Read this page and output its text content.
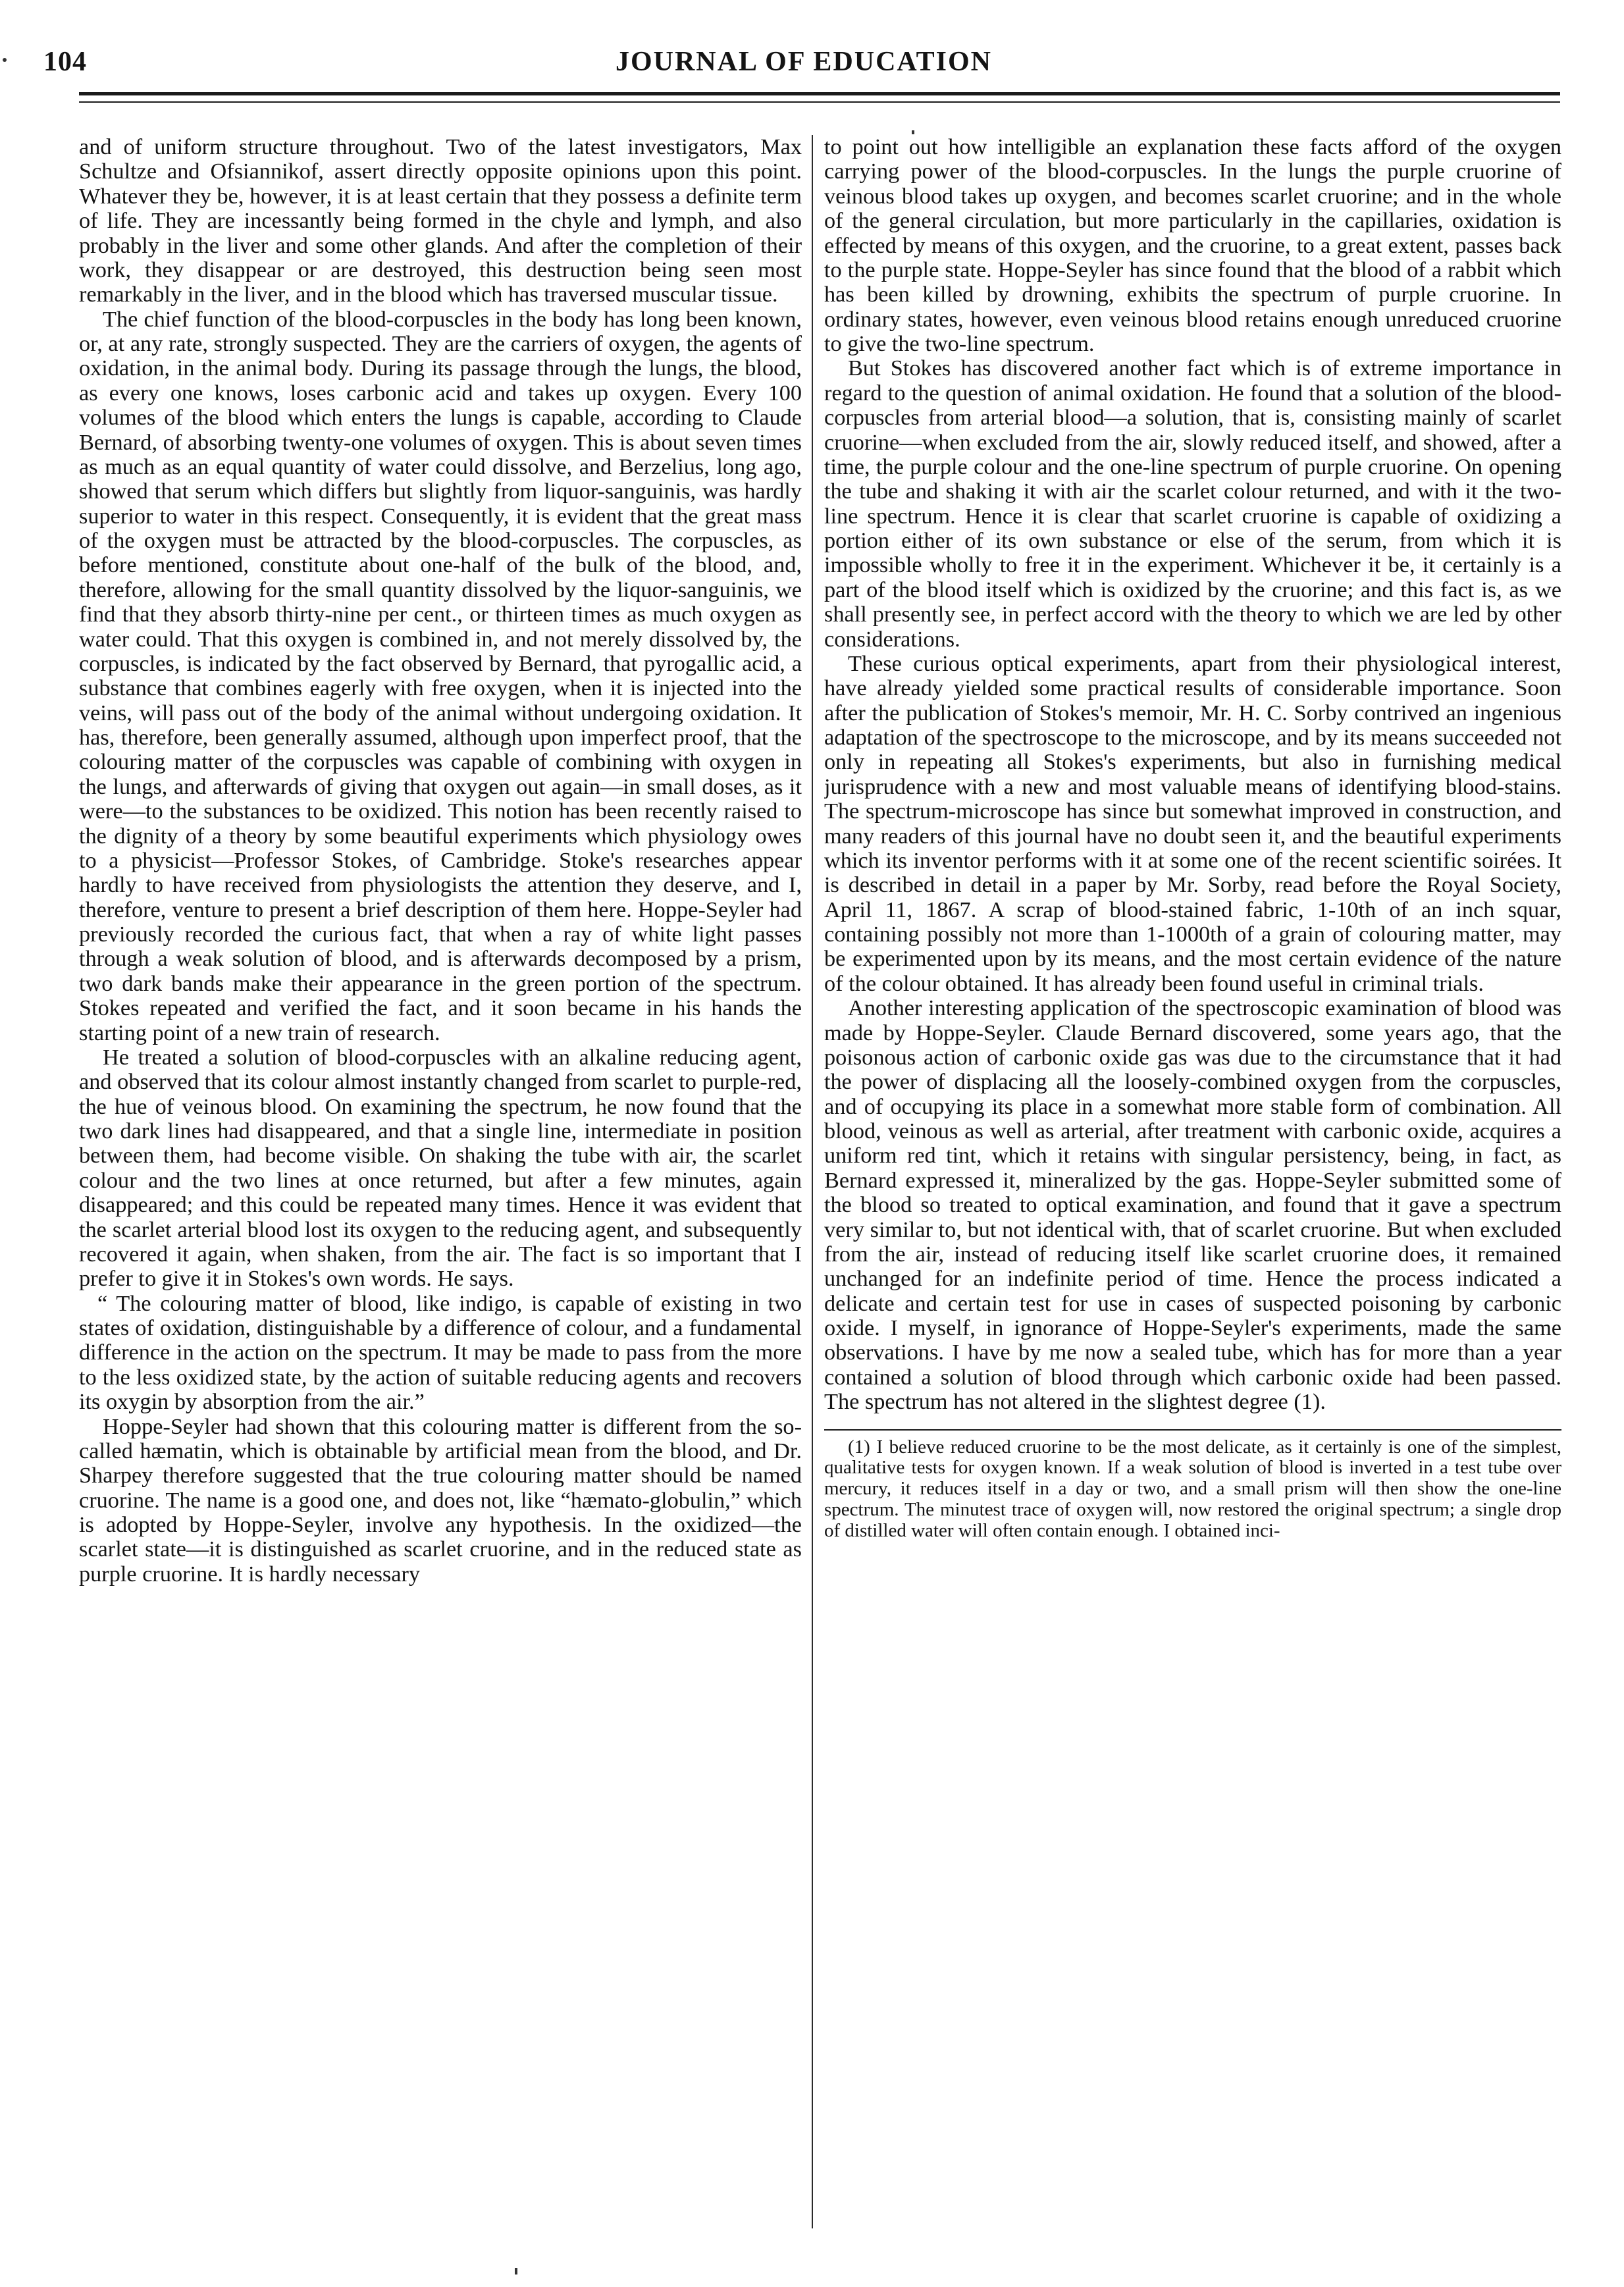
104	JOURNAL OF EDUCATION

and of uniform structure throughout. Two of the latest investigators, Max Schultze and Ofsiannikof, assert directly opposite opinions upon this point. Whatever they be, however, it is at least certain that they possess a definite term of life. They are incessantly being formed in the chyle and lymph, and also probably in the liver and some other glands. And after the completion of their work, they disappear or are destroyed, this destruction being seen most remarkably in the liver, and in the blood which has traversed muscular tissue.

The chief function of the blood-corpuscles in the body has long been known, or, at any rate, strongly suspected. They are the carriers of oxygen, the agents of oxidation, in the animal body. During its passage through the lungs, the blood, as every one knows, loses carbonic acid and takes up oxygen. Every 100 volumes of the blood which enters the lungs is capable, according to Claude Bernard, of absorbing twenty-one volumes of oxygen. This is about seven times as much as an equal quantity of water could dissolve, and Berzelius, long ago, showed that serum which differs but slightly from liquor-sanguinis, was hardly superior to water in this respect. Consequently, it is evident that the great mass of the oxygen must be attracted by the blood-corpuscles. The corpuscles, as before mentioned, constitute about one-half of the bulk of the blood, and, therefore, allowing for the small quantity dissolved by the liquor-sanguinis, we find that they absorb thirty-nine per cent., or thirteen times as much oxygen as water could. That this oxygen is combined in, and not merely dissolved by, the corpuscles, is indicated by the fact observed by Bernard, that pyrogallic acid, a substance that combines eagerly with free oxygen, when it is injected into the veins, will pass out of the body of the animal without undergoing oxidation. It has, therefore, been generally assumed, although upon imperfect proof, that the colouring matter of the corpuscles was capable of combining with oxygen in the lungs, and afterwards of giving that oxygen out again—in small doses, as it were—to the substances to be oxidized. This notion has been recently raised to the dignity of a theory by some beautiful experiments which physiology owes to a physicist—Professor Stokes, of Cambridge. Stoke's researches appear hardly to have received from physiologists the attention they deserve, and I, therefore, venture to present a brief description of them here. Hoppe-Seyler had previously recorded the curious fact, that when a ray of white light passes through a weak solution of blood, and is afterwards decomposed by a prism, two dark bands make their appearance in the green portion of the spectrum. Stokes repeated and verified the fact, and it soon became in his hands the starting point of a new train of research.

He treated a solution of blood-corpuscles with an alkaline reducing agent, and observed that its colour almost instantly changed from scarlet to purple-red, the hue of veinous blood. On examining the spectrum, he now found that the two dark lines had disappeared, and that a single line, intermediate in position between them, had become visible. On shaking the tube with air, the scarlet colour and the two lines at once returned, but after a few minutes, again disappeared; and this could be repeated many times. Hence it was evident that the scarlet arterial blood lost its oxygen to the reducing agent, and subsequently recovered it again, when shaken, from the air. The fact is so important that I prefer to give it in Stokes's own words. He says.

“ The colouring matter of blood, like indigo, is capable of existing in two states of oxidation, distinguishable by a difference of colour, and a fundamental difference in the action on the spectrum. It may be made to pass from the more to the less oxidized state, by the action of suitable reducing agents and recovers its oxygin by absorption from the air.”

Hoppe-Seyler had shown that this colouring matter is different from the so-called hæmatin, which is obtainable by artificial mean from the blood, and Dr. Sharpey therefore suggested that the true colouring matter should be named cruorine. The name is a good one, and does not, like “hæmato-globulin,” which is adopted by Hoppe-Seyler, involve any hypothesis. In the oxidized—the scarlet state—it is distinguished as scarlet cruorine, and in the reduced state as purple cruorine. It is hardly necessary

to point out how intelligible an explanation these facts afford of the oxygen carrying power of the blood-corpuscles. In the lungs the purple cruorine of veinous blood takes up oxygen, and becomes scarlet cruorine; and in the whole of the general circulation, but more particularly in the capillaries, oxidation is effected by means of this oxygen, and the cruorine, to a great extent, passes back to the purple state. Hoppe-Seyler has since found that the blood of a rabbit which has been killed by drowning, exhibits the spectrum of purple cruorine. In ordinary states, however, even veinous blood retains enough unreduced cruorine to give the two-line spectrum.

But Stokes has discovered another fact which is of extreme importance in regard to the question of animal oxidation. He found that a solution of the blood-corpuscles from arterial blood—a solution, that is, consisting mainly of scarlet cruorine—when excluded from the air, slowly reduced itself, and showed, after a time, the purple colour and the one-line spectrum of purple cruorine. On opening the tube and shaking it with air the scarlet colour returned, and with it the two-line spectrum. Hence it is clear that scarlet cruorine is capable of oxidizing a portion either of its own substance or else of the serum, from which it is impossible wholly to free it in the experiment. Whichever it be, it certainly is a part of the blood itself which is oxidized by the cruorine; and this fact is, as we shall presently see, in perfect accord with the theory to which we are led by other considerations.

These curious optical experiments, apart from their physiological interest, have already yielded some practical results of considerable importance. Soon after the publication of Stokes's memoir, Mr. H. C. Sorby contrived an ingenious adaptation of the spectroscope to the microscope, and by its means succeeded not only in repeating all Stokes's experiments, but also in furnishing medical jurisprudence with a new and most valuable means of identifying blood-stains. The spectrum-microscope has since but somewhat improved in construction, and many readers of this journal have no doubt seen it, and the beautiful experiments which its inventor performs with it at some one of the recent scientific soirées. It is described in detail in a paper by Mr. Sorby, read before the Royal Society, April 11, 1867. A scrap of blood-stained fabric, 1-10th of an inch squar, containing possibly not more than 1-1000th of a grain of colouring matter, may be experimented upon by its means, and the most certain evidence of the nature of the colour obtained. It has already been found useful in criminal trials.

Another interesting application of the spectroscopic examination of blood was made by Hoppe-Seyler. Claude Bernard discovered, some years ago, that the poisonous action of carbonic oxide gas was due to the circumstance that it had the power of displacing all the loosely-combined oxygen from the corpuscles, and of occupying its place in a somewhat more stable form of combination. All blood, veinous as well as arterial, after treatment with carbonic oxide, acquires a uniform red tint, which it retains with singular persistency, being, in fact, as Bernard expressed it, mineralized by the gas. Hoppe-Seyler submitted some of the blood so treated to optical examination, and found that it gave a spectrum very similar to, but not identical with, that of scarlet cruorine. But when excluded from the air, instead of reducing itself like scarlet cruorine does, it remained unchanged for an indefinite period of time. Hence the process indicated a delicate and certain test for use in cases of suspected poisoning by carbonic oxide. I myself, in ignorance of Hoppe-Seyler's experiments, made the same observations. I have by me now a sealed tube, which has for more than a year contained a solution of blood through which carbonic oxide had been passed. The spectrum has not altered in the slightest degree (1).

(1) I believe reduced cruorine to be the most delicate, as it certainly is one of the simplest, qualitative tests for oxygen known. If a weak solution of blood is inverted in a test tube over mercury, it reduces itself in a day or two, and a small prism will then show the one-line spectrum. The minutest trace of oxygen will, now restored the original spectrum; a single drop of distilled water will often contain enough. I obtained inci-
